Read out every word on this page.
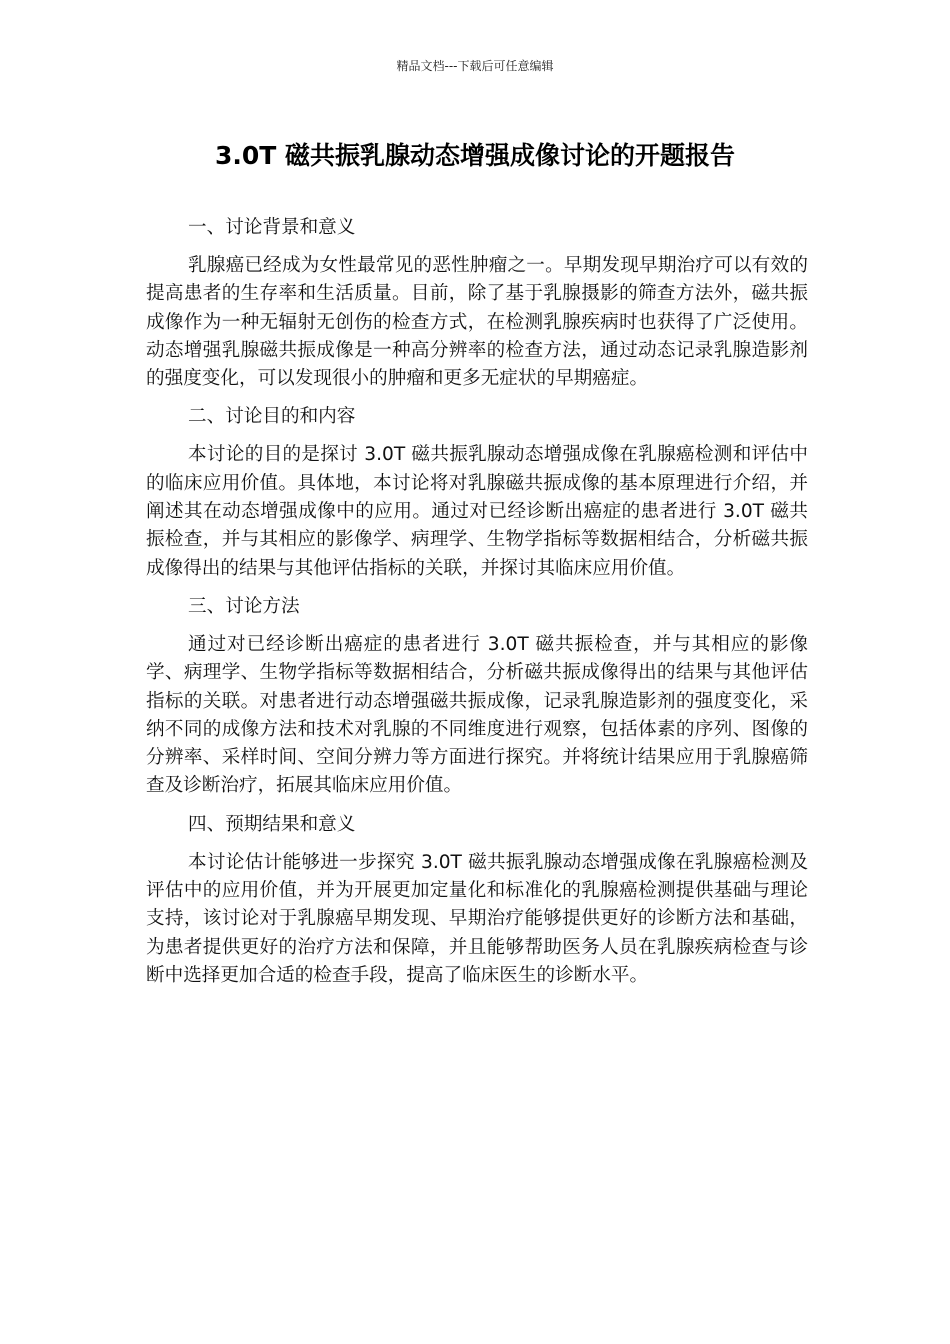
精品文档---下载后可任意编辑
3.0T 磁共振乳腺动态增强成像讨论的开题报告
一、讨论背景和意义

乳腺癌已经成为女性最常见的恶性肿瘤之一。早期发现早期治疗可以有效的提高患者的生存率和生活质量。目前，除了基于乳腺摄影的筛查方法外，磁共振成像作为一种无辐射无创伤的检查方式，在检测乳腺疾病时也获得了广泛使用。动态增强乳腺磁共振成像是一种高分辨率的检查方法，通过动态记录乳腺造影剂的强度变化，可以发现很小的肿瘤和更多无症状的早期癌症。

二、讨论目的和内容

本讨论的目的是探讨 3.0T 磁共振乳腺动态增强成像在乳腺癌检测和评估中的临床应用价值。具体地，本讨论将对乳腺磁共振成像的基本原理进行介绍，并阐述其在动态增强成像中的应用。通过对已经诊断出癌症的患者进行 3.0T 磁共振检查，并与其相应的影像学、病理学、生物学指标等数据相结合，分析磁共振成像得出的结果与其他评估指标的关联，并探讨其临床应用价值。

三、讨论方法

通过对已经诊断出癌症的患者进行 3.0T 磁共振检查，并与其相应的影像学、病理学、生物学指标等数据相结合，分析磁共振成像得出的结果与其他评估指标的关联。对患者进行动态增强磁共振成像，记录乳腺造影剂的强度变化，采纳不同的成像方法和技术对乳腺的不同维度进行观察，包括体素的序列、图像的分辨率、采样时间、空间分辨力等方面进行探究。并将统计结果应用于乳腺癌筛查及诊断治疗，拓展其临床应用价值。

四、预期结果和意义

本讨论估计能够进一步探究 3.0T 磁共振乳腺动态增强成像在乳腺癌检测及评估中的应用价值，并为开展更加定量化和标准化的乳腺癌检测提供基础与理论支持，该讨论对于乳腺癌早期发现、早期治疗能够提供更好的诊断方法和基础，为患者提供更好的治疗方法和保障，并且能够帮助医务人员在乳腺疾病检查与诊断中选择更加合适的检查手段，提高了临床医生的诊断水平。
